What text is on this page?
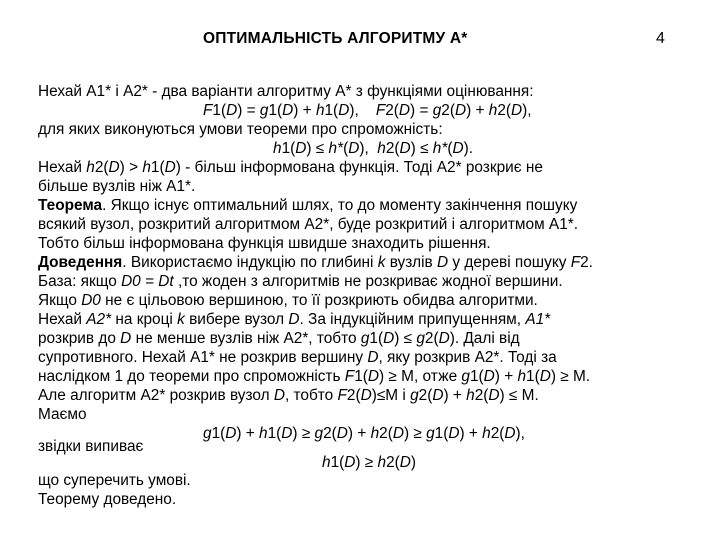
ОПТИМАЛЬНІСТЬ АЛГОРИТМУ А*	4
Нехай А1* і А2* - два варіанти алгоритму А* з функціями оцінювання:
F1(D) = g1(D) + h1(D),    F2(D) = g2(D) + h2(D),
для яких виконуються умови теореми про спроможність:
h1(D) ≤ h*(D),  h2(D) ≤ h*(D).
Нехай h2(D) > h1(D) - більш інформована функція. Тоді А2* розкриє не
більше вузлів ніж А1*.
Теорема. Якщо існує оптимальний шлях, то до моменту закінчення пошуку
всякий вузол, розкритий алгоритмом А2*, буде розкритий і алгоритмом А1*.
Тобто більш інформована функція швидше знаходить рішення.
Доведення. Використаємо індукцію по глибині k вузлів D у дереві пошуку F2.
База: якщо D0 = Dt ,то жоден з алгоритмів не розкриває жодної вершини.
Якщо D0 не є цільовою вершиною, то її розкриють обидва алгоритми.
Нехай А2* на кроці k вибере вузол D. За індукційним припущенням, А1*
розкрив до D не менше вузлів ніж А2*, тобто g1(D) ≤ g2(D). Далі від
супротивного. Нехай А1* не розкрив вершину D, яку розкрив А2*. Тоді за
наслідком 1 до теореми про спроможність F1(D) ≥ М, отже g1(D) + h1(D) ≥ М.
Але алгоритм А2* розкрив вузол D, тобто F2(D)≤М і g2(D) + h2(D) ≤ М.
Маємо
g1(D) + h1(D) ≥ g2(D) + h2(D) ≥ g1(D) + h2(D),
звідки випиває
h1(D) ≥ h2(D)
що суперечить умові.
Теорему доведено.
